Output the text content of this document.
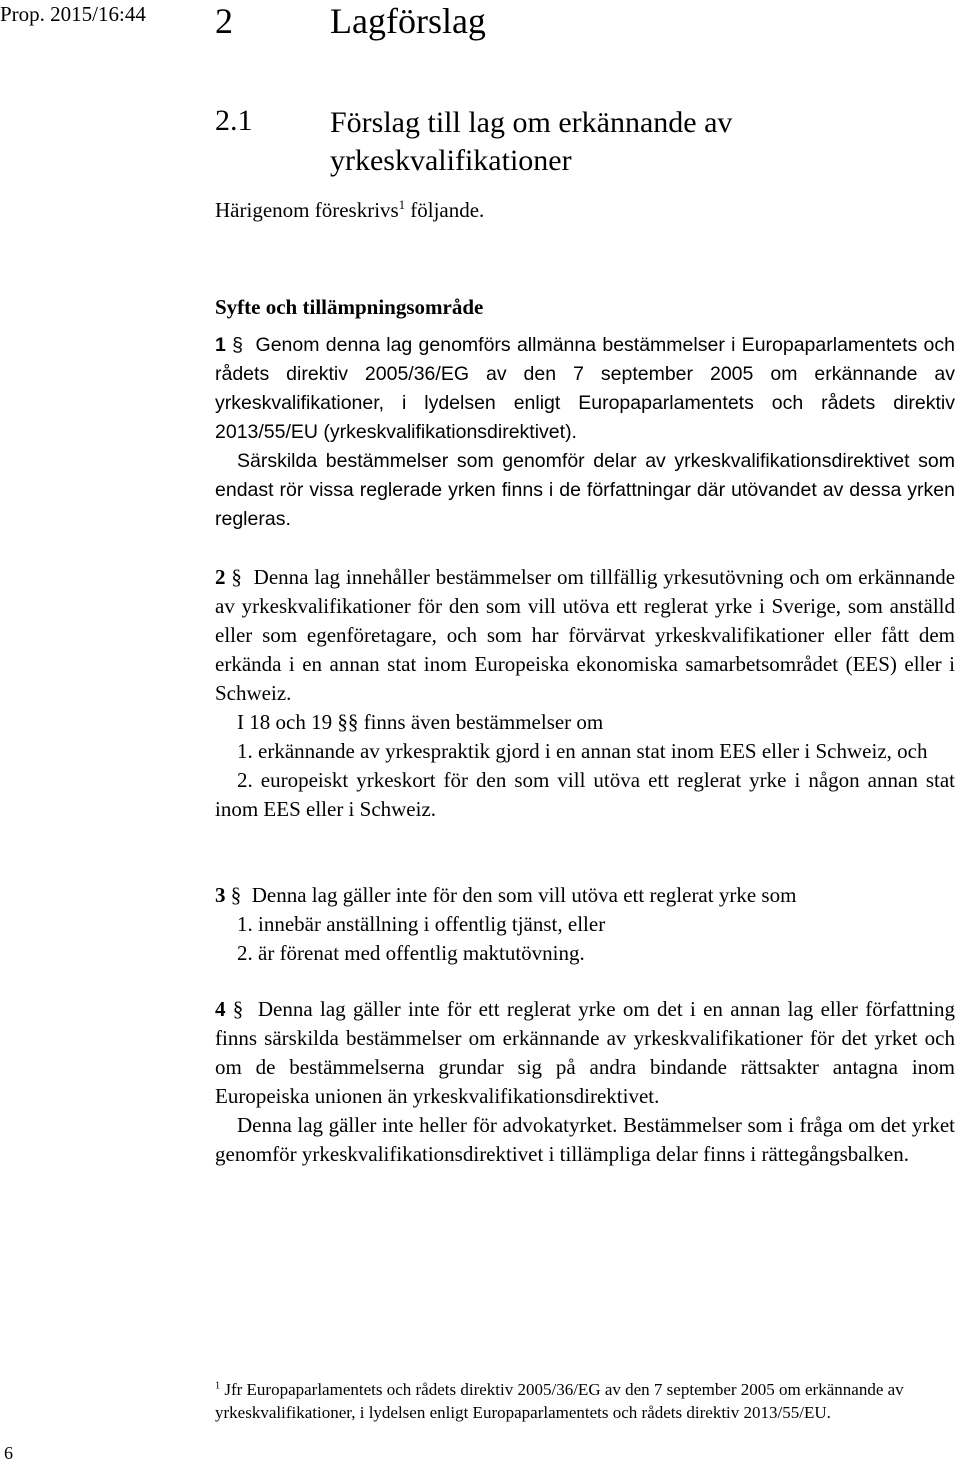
Prop. 2015/16:44 2	Lagförslag
2.1	Förslag till lag om erkännande av yrkeskvalifikationer
Härigenom föreskrivs$^1$ följande.
Syfte och tillämpningsområde

1 § Genom denna lag genomförs allmänna bestämmelser i Europaparlamentets och rådets direktiv 2005/36/EG av den 7 september 2005 om erkännande av yrkeskvalifikationer, i lydelsen enligt Europaparlamentets och rådets direktiv 2013/55/EU (yrkeskvalifikationsdirektivet).

Särskilda bestämmelser som genomför delar av yrkeskvalifikationsdirektivet som endast rör vissa reglerade yrken finns i de författningar där utövandet av dessa yrken regleras.

2 § Denna lag innehåller bestämmelser om tillfällig yrkesutövning och om erkännande av yrkeskvalifikationer för den som vill utöva ett reglerat yrke i Sverige, som anställd eller som egenföretagare, och som har förvärvat yrkeskvalifikationer eller fått dem erkända i en annan stat inom Europeiska ekonomiska samarbetsområdet (EES) eller i Schweiz.

I 18 och 19 §§ finns även bestämmelser om

1. erkännande av yrkespraktik gjord i en annan stat inom EES eller i Schweiz, och

2. europeiskt yrkeskort för den som vill utöva ett reglerat yrke i någon annan stat inom EES eller i Schweiz.

3 § Denna lag gäller inte för den som vill utöva ett reglerat yrke som

1. innebär anställning i offentlig tjänst, eller

2. är förenat med offentlig maktutövning.

4 § Denna lag gäller inte för ett reglerat yrke om det i en annan lag eller författning finns särskilda bestämmelser om erkännande av yrkeskvalifikationer för det yrket och om de bestämmelserna grundar sig på andra bindande rättsakter antagna inom Europeiska unionen än yrkeskvalifikationsdirektivet.

Denna lag gäller inte heller för advokatyrket. Bestämmelser som i fråga om det yrket genomför yrkeskvalifikationsdirektivet i tillämpliga delar finns i rättegångsbalken.

$^1$ Jfr Europaparlamentets och rådets direktiv 2005/36/EG av den 7 september 2005 om erkännande av yrkeskvalifikationer, i lydelsen enligt Europaparlamentets och rådets direktiv 2013/55/EU.
6
